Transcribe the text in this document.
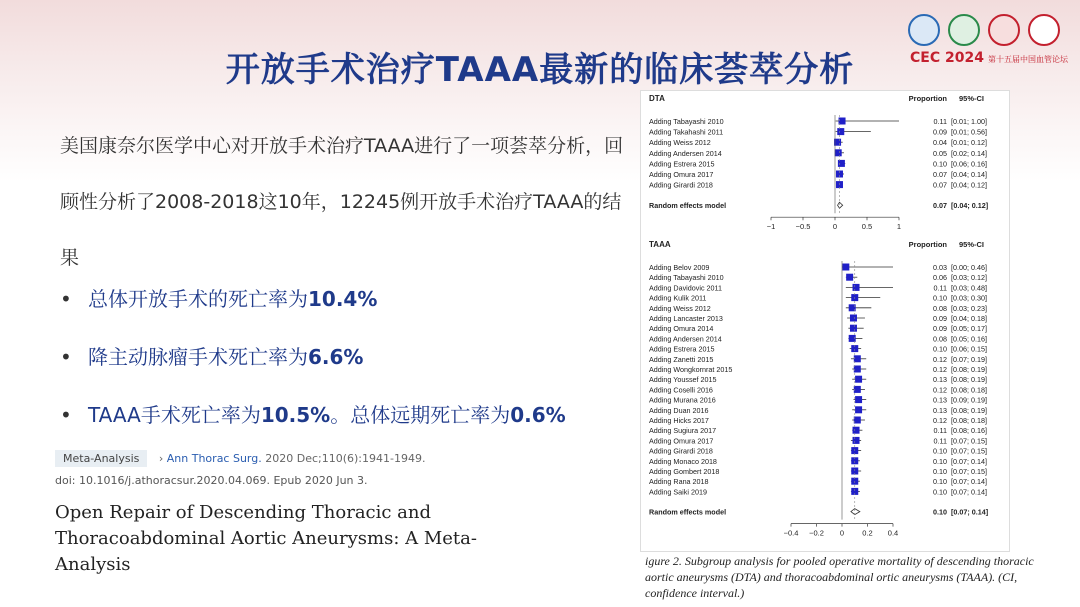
开放手术治疗TAAA最新的临床荟萃分析	CEC 2024 第十五届中国血管论坛
美国康奈尔医学中心对开放手术治疗TAAA进行了一项荟萃分析，回顾性分析了2008-2018这10年，12245例开放手术治疗TAAA的结果
• 总体开放手术的死亡率为10.4%
• 降主动脉瘤手术死亡率为6.6%
• TAAA手术死亡率为10.5%。总体远期死亡率为0.6%
Meta-Analysis › Ann Thorac Surg. 2020 Dec;110(6):1941-1949.
doi: 10.1016/j.athoracsur.2020.04.069. Epub 2020 Jun 3.
Open Repair of Descending Thoracic and Thoracoabdominal Aortic Aneurysms: A Meta-Analysis
DTA	Proportion 95%-CI
Adding Tabayashi 2010	0.11 [0.01; 1.00]
Adding Takahashi 2011	0.09 [0.01; 0.56]
Adding Weiss 2012	0.04 [0.01; 0.12]
Adding Andersen 2014	0.05 [0.02; 0.14]
Adding Estrera 2015	0.10 [0.06; 0.16]
Adding Omura 2017	0.07 [0.04; 0.14]
Adding Girardi 2018	0.07 [0.04; 0.12]
Random effects model	0.07 [0.04; 0.12]
−1	−0.5	0	0.5	1
TAAA	Proportion 95%-CI
Adding Belov 2009	0.03 [0.00; 0.46]
Adding Tabayashi 2010	0.06 [0.03; 0.12]
Adding Davidovic 2011	0.11 [0.03; 0.48]
Adding Kulik 2011	0.10 [0.03; 0.30]
Adding Weiss 2012	0.08 [0.03; 0.23]
Adding Lancaster 2013	0.09 [0.04; 0.18]
Adding Omura 2014	0.09 [0.05; 0.17]
Adding Andersen 2014	0.08 [0.05; 0.16]
Adding Estrera 2015	0.10 [0.06; 0.15]
Adding Zanetti 2015	0.12 [0.07; 0.19]
Adding Wongkornrat 2015	0.12 [0.08; 0.19]
Adding Youssef 2015	0.13 [0.08; 0.19]
Adding Coselli 2016	0.12 [0.08; 0.18]
Adding Murana 2016	0.13 [0.09; 0.19]
Adding Duan 2016	0.13 [0.08; 0.19]
Adding Hicks 2017	0.12 [0.08; 0.18]
Adding Sugiura 2017	0.11 [0.08; 0.16]
Adding Omura 2017	0.11 [0.07; 0.15]
Adding Girardi 2018	0.10 [0.07; 0.15]
Adding Monaco 2018	0.10 [0.07; 0.14]
Adding Gombert 2018	0.10 [0.07; 0.15]
Adding Rana 2018	0.10 [0.07; 0.14]
Adding Saiki 2019	0.10 [0.07; 0.14]
Random effects model	0.10 [0.07; 0.14]
−0.4 −0.2 0 0.2 0.4
igure 2. Subgroup analysis for pooled operative mortality of descending thoracic aortic aneurysms (DTA) and thoracoabdominal ortic aneurysms (TAAA). (CI, confidence interval.)
